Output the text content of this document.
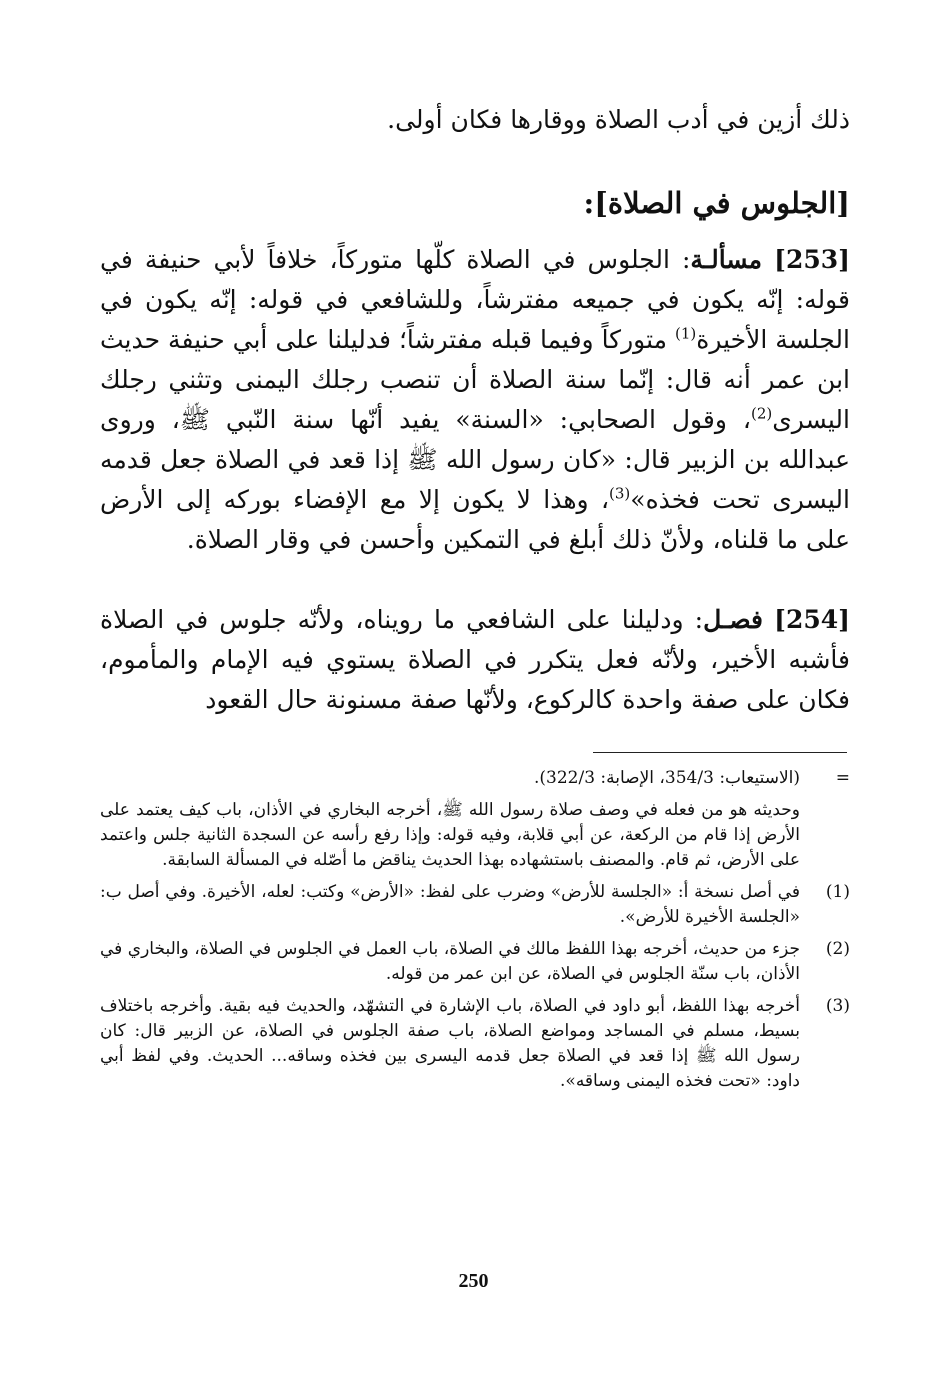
ذلك أزين في أدب الصلاة ووقارها فكان أولى.
[الجلوس في الصلاة]:
[253] مسألـة: الجلوس في الصلاة كلّها متوركاً، خلافاً لأبي حنيفة في قوله: إنّه يكون في جميعه مفترشاً، وللشافعي في قوله: إنّه يكون في الجلسة الأخيرة$^{(1)}$ متوركاً وفيما قبله مفترشاً؛ فدليلنا على أبي حنيفة حديث ابن عمر أنه قال: إنّما سنة الصلاة أن تنصب رجلك اليمنى وتثني رجلك اليسرى$^{(2)}$، وقول الصحابي: «السنة» يفيد أنّها سنة النّبي ﷺ، وروى عبدالله بن الزبير قال: «كان رسول الله ﷺ إذا قعد في الصلاة جعل قدمه اليسرى تحت فخذه»$^{(3)}$، وهذا لا يكون إلا مع الإفضاء بوركه إلى الأرض على ما قلناه، ولأنّ ذلك أبلغ في التمكين وأحسن في وقار الصلاة.
[254] فصـل: ودليلنا على الشافعي ما رويناه، ولأنّه جلوس في الصلاة فأشبه الأخير، ولأنّه فعل يتكرر في الصلاة يستوي فيه الإمام والمأموم، فكان على صفة واحدة كالركوع، ولأنّها صفة مسنونة حال القعود
=
(الاستيعاب: 354/3، الإصابة: 322/3).
وحديثه هو من فعله في وصف صلاة رسول الله ﷺ، أخرجه البخاري في الأذان، باب كيف يعتمد على الأرض إذا قام من الركعة، عن أبي قلابة، وفيه قوله: وإذا رفع رأسه عن السجدة الثانية جلس واعتمد على الأرض، ثم قام. والمصنف باستشهاده بهذا الحديث يناقض ما أصّله في المسألة السابقة.
(1)
في أصل نسخة أ: «الجلسة للأرض» وضرب على لفظ: «الأرض» وكتب: لعله، الأخيرة. وفي أصل ب: «الجلسة الأخيرة للأرض».
(2)
جزء من حديث، أخرجه بهذا اللفظ مالك في الصلاة، باب العمل في الجلوس في الصلاة، والبخاري في الأذان، باب سنّة الجلوس في الصلاة، عن ابن عمر من قوله.
(3)
أخرجه بهذا اللفظ، أبو داود في الصلاة، باب الإشارة في التشهّد، والحديث فيه بقية. وأخرجه باختلاف بسيط، مسلم في المساجد ومواضع الصلاة، باب صفة الجلوس في الصلاة، عن الزبير قال: كان رسول الله ﷺ إذا قعد في الصلاة جعل قدمه اليسرى بين فخذه وساقه... الحديث. وفي لفظ أبي داود: «تحت فخذه اليمنى وساقه».
250
